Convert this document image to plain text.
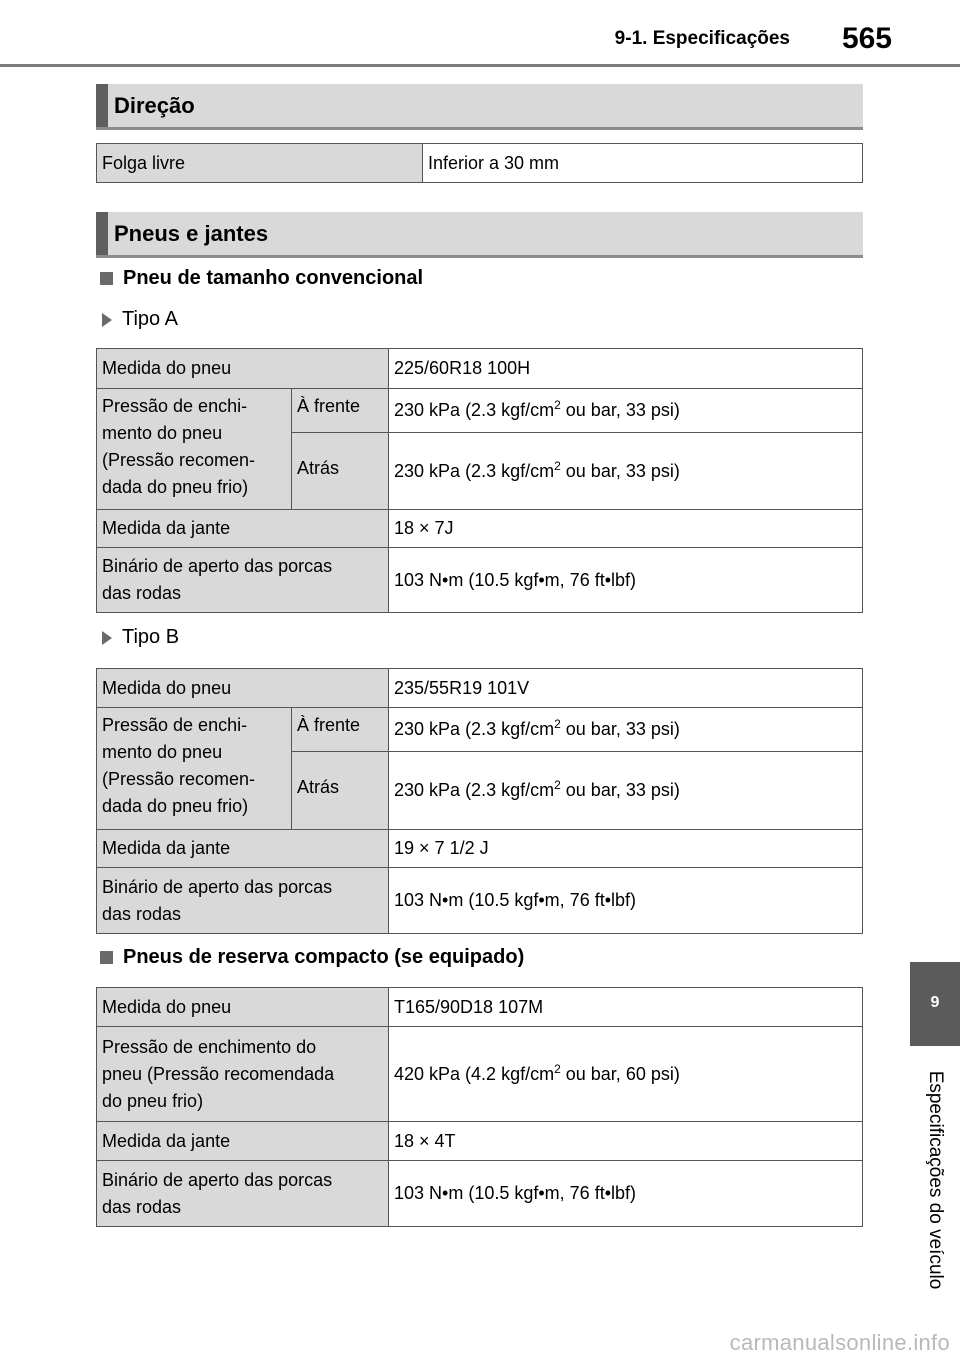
9-1. Especificações 565
Direção
Folga livre	Inferior a 30 mm
Pneus e jantes
Pneu de tamanho convencional
Tipo A
Medida do pneu		225/60R18 100H

Pressão de enchi-
mento do pneu
(Pressão recomen-
dada do pneu frio)	À frente	230 kPa (2.3 kgf/$cm^2$ ou bar, 33 psi)
	Atrás	230 kPa (2.3 kgf/$cm^2$ ou bar, 33 psi)
Medida da jante		18 × 7J

Binário de aperto das porcas
das rodas		103 N•m (10.5 kgf•m, 76 ft•lbf)
Tipo B
Medida do pneu		235/55R19 101V

Pressão de enchi-
mento do pneu
(Pressão recomen-
dada do pneu frio)	À frente	230 kPa (2.3 kgf/$cm^2$ ou bar, 33 psi)
	Atrás	230 kPa (2.3 kgf/$cm^2$ ou bar, 33 psi)
Medida da jante		19 × 7 1/2 J

Binário de aperto das porcas
das rodas		103 N•m (10.5 kgf•m, 76 ft•lbf)
Pneus de reserva compacto (se equipado)
Medida do pneu	T165/90D18 107M

Pressão de enchimento do
pneu (Pressão recomendada
do pneu frio)	420 kPa (4.2 kgf/$cm^2$ ou bar, 60 psi)
Medida da jante	18 × 4T

Binário de aperto das porcas
das rodas	103 N•m (10.5 kgf•m, 76 ft•lbf)
9
Especificações do veículo
carmanualsonline.info
